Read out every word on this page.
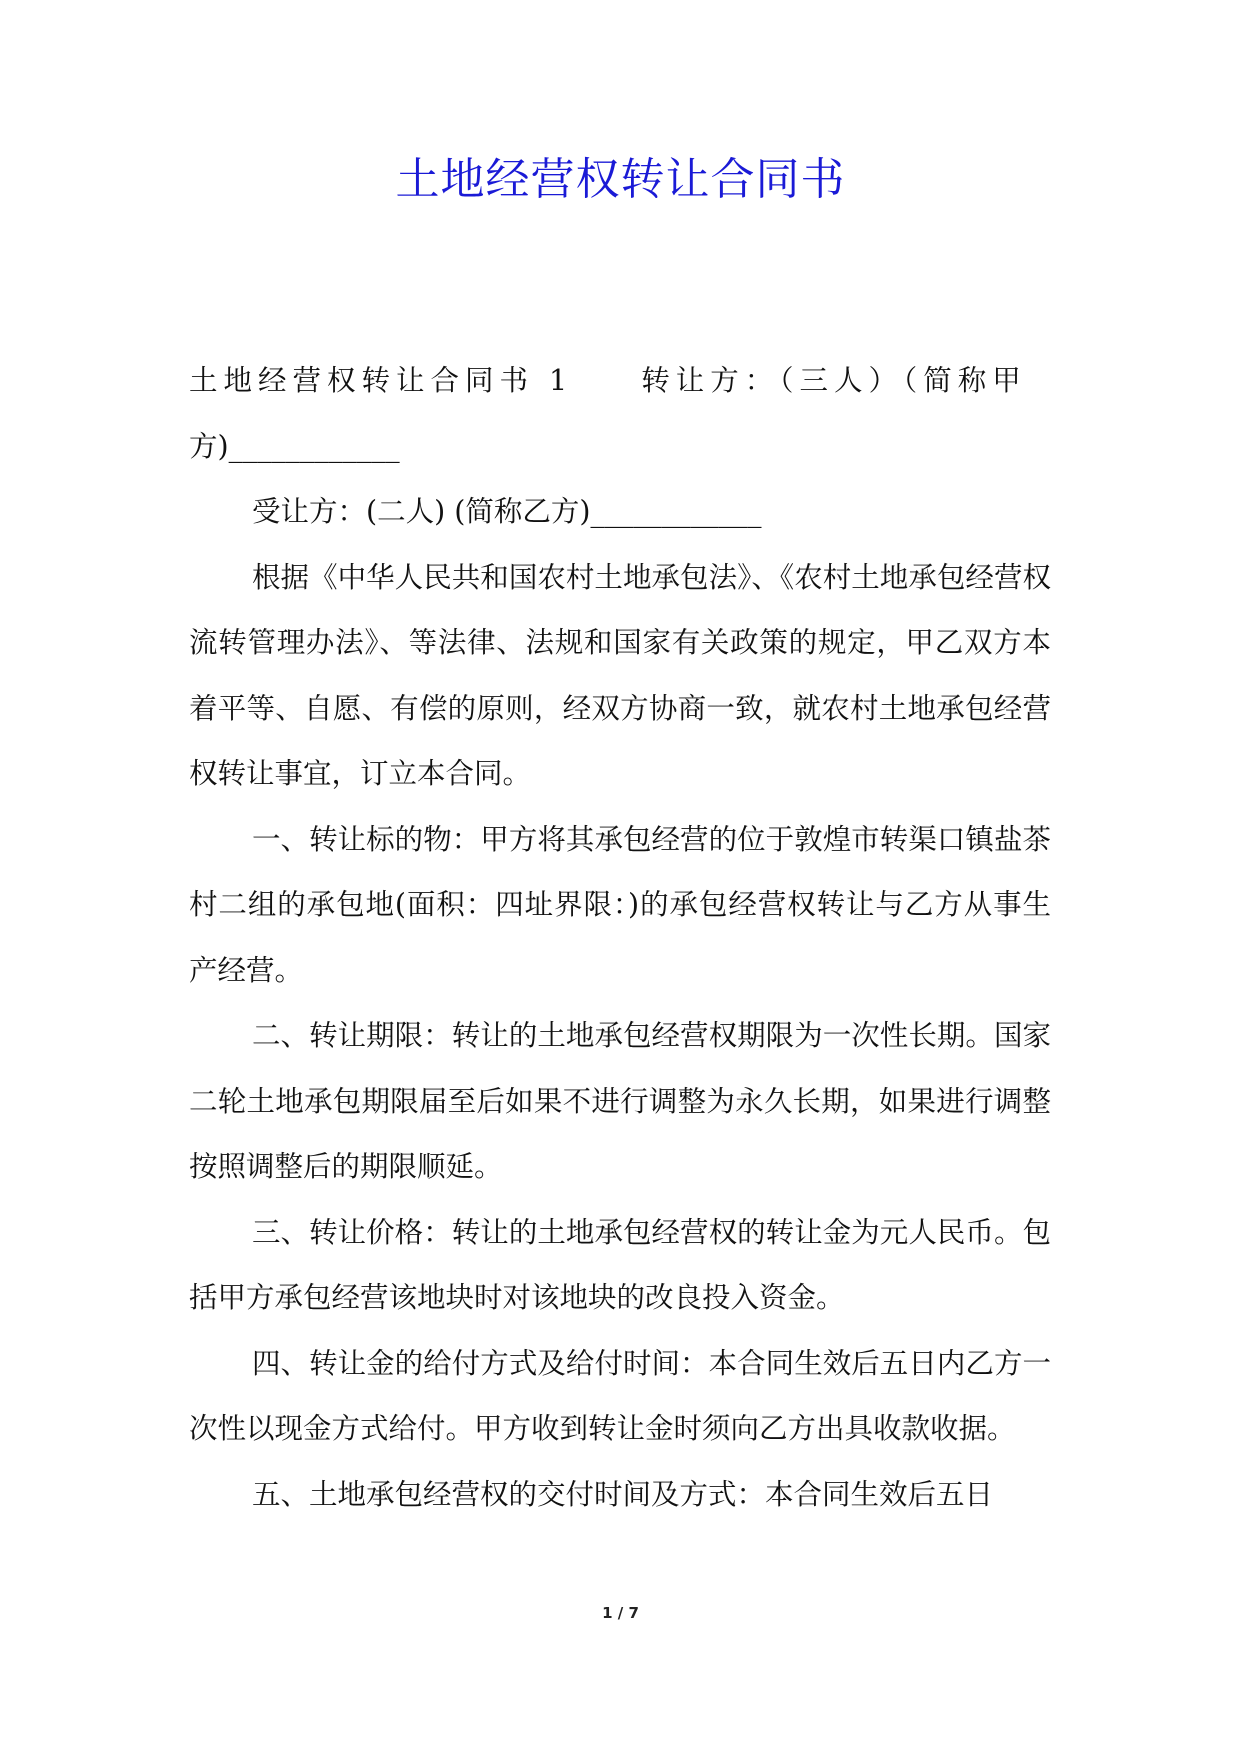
土地经营权转让合同书

土地经营权转让合同书 1 转让方：（三人）（简称甲

方)____________

受让方：(二人) (简称乙方)____________

根据《中华人民共和国农村土地承包法》、《农村土地承包经营权流转管理办法》、等法律、法规和国家有关政策的规定，甲乙双方本着平等、自愿、有偿的原则，经双方协商一致，就农村土地承包经营权转让事宜，订立本合同。

一、转让标的物：甲方将其承包经营的位于敦煌市转渠口镇盐茶村二组的承包地(面积：四址界限：)的承包经营权转让与乙方从事生产经营。

二、转让期限：转让的土地承包经营权期限为一次性长期。国家二轮土地承包期限届至后如果不进行调整为永久长期，如果进行调整按照调整后的期限顺延。

三、转让价格：转让的土地承包经营权的转让金为元人民币。包括甲方承包经营该地块时对该地块的改良投入资金。

四、转让金的给付方式及给付时间：本合同生效后五日内乙方一次性以现金方式给付。甲方收到转让金时须向乙方出具收款收据。

五、土地承包经营权的交付时间及方式：本合同生效后五日

1 / 7
